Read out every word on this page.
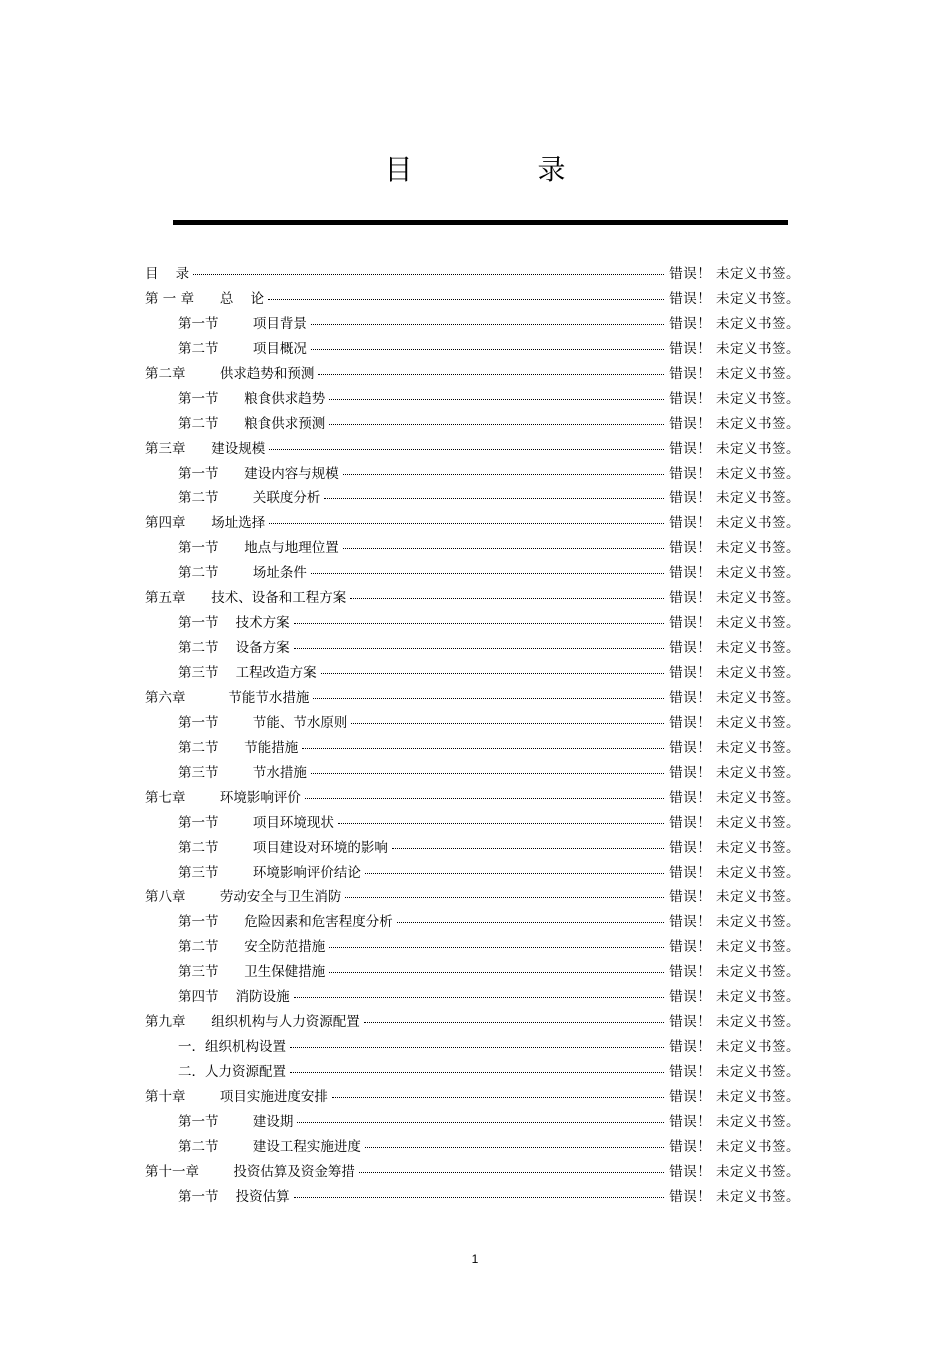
目 录
目    录	错误！ 未定义书签。
第 一 章      总    论	错误！ 未定义书签。
第一节        项目背景	错误！ 未定义书签。
第二节        项目概况	错误！ 未定义书签。
第二章        供求趋势和预测	错误！ 未定义书签。
第一节      粮食供求趋势	错误！ 未定义书签。
第二节      粮食供求预测	错误！ 未定义书签。
第三章      建设规模	错误！ 未定义书签。
第一节      建设内容与规模	错误！ 未定义书签。
第二节        关联度分析	错误！ 未定义书签。
第四章      场址选择	错误！ 未定义书签。
第一节      地点与地理位置	错误！ 未定义书签。
第二节        场址条件	错误！ 未定义书签。
第五章      技术、设备和工程方案	错误！ 未定义书签。
第一节    技术方案	错误！ 未定义书签。
第二节    设备方案	错误！ 未定义书签。
第三节    工程改造方案	错误！ 未定义书签。
第六章          节能节水措施	错误！ 未定义书签。
第一节        节能、节水原则	错误！ 未定义书签。
第二节      节能措施	错误！ 未定义书签。
第三节        节水措施	错误！ 未定义书签。
第七章        环境影响评价	错误！ 未定义书签。
第一节        项目环境现状	错误！ 未定义书签。
第二节        项目建设对环境的影响	错误！ 未定义书签。
第三节        环境影响评价结论	错误！ 未定义书签。
第八章        劳动安全与卫生消防	错误！ 未定义书签。
第一节      危险因素和危害程度分析	错误！ 未定义书签。
第二节      安全防范措施	错误！ 未定义书签。
第三节      卫生保健措施	错误！ 未定义书签。
第四节    消防设施	错误！ 未定义书签。
第九章      组织机构与人力资源配置	错误！ 未定义书签。
一．组织机构设置	错误！ 未定义书签。
二．人力资源配置	错误！ 未定义书签。
第十章        项目实施进度安排	错误！ 未定义书签。
第一节        建设期	错误！ 未定义书签。
第二节        建设工程实施进度	错误！ 未定义书签。
第十一章        投资估算及资金筹措	错误！ 未定义书签。
第一节    投资估算	错误！ 未定义书签。
1
